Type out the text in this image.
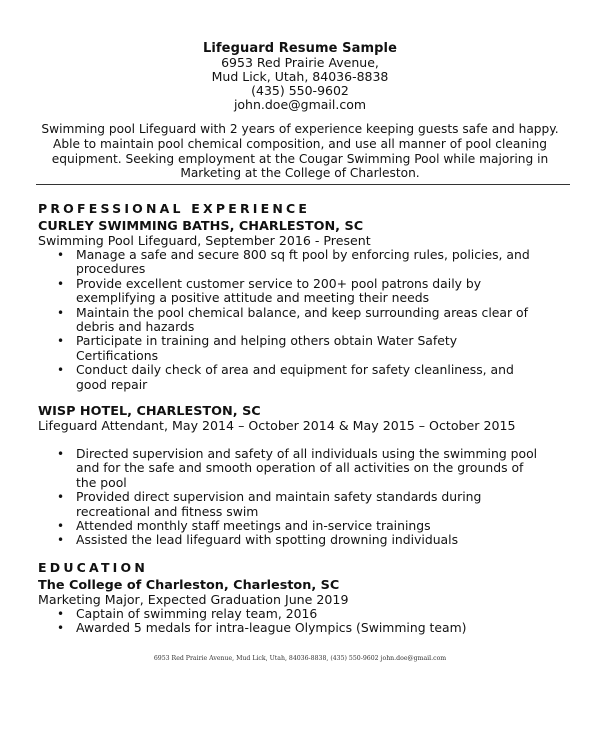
Lifeguard Resume Sample
6953 Red Prairie Avenue,
Mud Lick, Utah, 84036-8838
(435) 550-9602
john.doe@gmail.com
Swimming pool Lifeguard with 2 years of experience keeping guests safe and happy. Able to maintain pool chemical composition, and use all manner of pool cleaning equipment. Seeking employment at the Cougar Swimming Pool while majoring in Marketing at the College of Charleston.
PROFESSIONAL EXPERIENCE
CURLEY SWIMMING BATHS, CHARLESTON, SC
Swimming Pool Lifeguard, September 2016 - Present
• Manage a safe and secure 800 sq ft pool by enforcing rules, policies, and procedures
• Provide excellent customer service to 200+ pool patrons daily by exemplifying a positive attitude and meeting their needs
• Maintain the pool chemical balance, and keep surrounding areas clear of debris and hazards
• Participate in training and helping others obtain Water Safety Certifications
• Conduct daily check of area and equipment for safety cleanliness, and good repair
WISP HOTEL, CHARLESTON, SC
Lifeguard Attendant, May 2014 – October 2014 & May 2015 – October 2015
• Directed supervision and safety of all individuals using the swimming pool and for the safe and smooth operation of all activities on the grounds of the pool
• Provided direct supervision and maintain safety standards during recreational and fitness swim
• Attended monthly staff meetings and in-service trainings
• Assisted the lead lifeguard with spotting drowning individuals
EDUCATION
The College of Charleston, Charleston, SC
Marketing Major, Expected Graduation June 2019
• Captain of swimming relay team, 2016
• Awarded 5 medals for intra-league Olympics (Swimming team)
6953 Red Prairie Avenue, Mud Lick, Utah, 84036-8838, (435) 550-9602 john.doe@gmail.com
